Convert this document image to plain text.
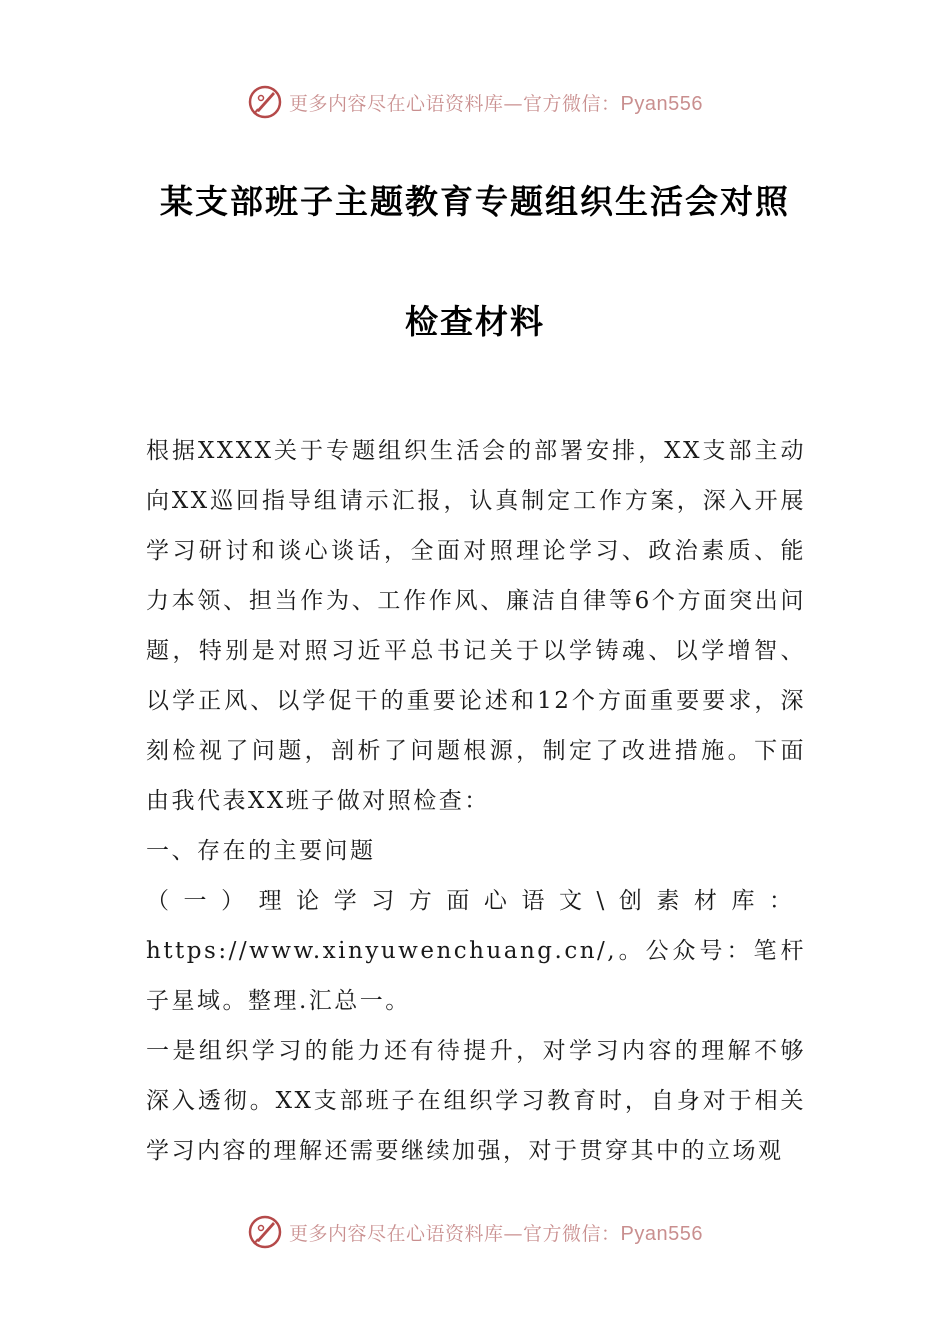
更多内容尽在心语资料库—官方微信：Pyan556
某支部班子主题教育专题组织生活会对照
检查材料

根据XXXX关于专题组织生活会的部署安排，XX支部主动向XX巡回指导组请示汇报，认真制定工作方案，深入开展学习研讨和谈心谈话，全面对照理论学习、政治素质、能力本领、担当作为、工作作风、廉洁自律等6个方面突出问题，特别是对照习近平总书记关于以学铸魂、以学增智、以学正风、以学促干的重要论述和12个方面重要要求，深刻检视了问题，剖析了问题根源，制定了改进措施。下面由我代表XX班子做对照检查：

一、存在的主要问题

（一）理论学习方面心语文\创素材库：https://www.xinyuwenchuang.cn/,。公众号：笔杆子星域。整理.汇总一。

一是组织学习的能力还有待提升，对学习内容的理解不够深入透彻。XX支部班子在组织学习教育时，自身对于相关学习内容的理解还需要继续加强，对于贯穿其中的立场观

更多内容尽在心语资料库—官方微信：Pyan556
